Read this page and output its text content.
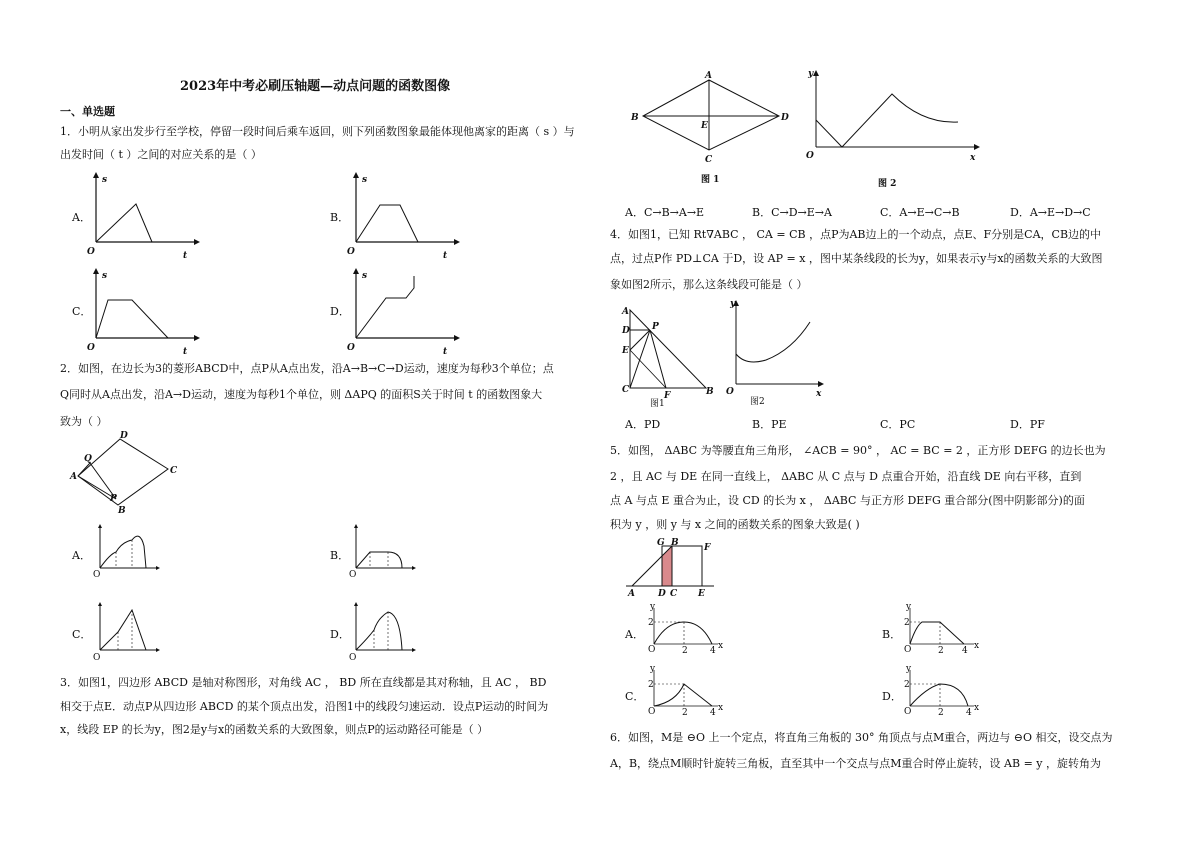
2023年中考必刷压轴题—动点问题的函数图像
一、单选题
1．小明从家出发步行至学校，停留一段时间后乘车返回，则下列函数图象最能体现他离家的距离（ s ）与
出发时间（ t ）之间的对应关系的是（ ）
A．
O
s
t
B．
O
s
t
C．
O
s
t
D．
O
s
t
2．如图，在边长为3的菱形ABCD中，点P从A点出发，沿A→B→C→D运动，速度为每秒3个单位；点
Q同时从A点出发，沿A→D运动，速度为每秒1个单位，则 ΔAPQ 的面积S关于时间 t 的函数图象大
致为（ ）
D
Q
A
C
P
B
A．
O
B．
O
C．
O
D．
O
3．如图1，四边形 ABCD 是轴对称图形，对角线 AC ， BD 所在直线都是其对称轴，且 AC ， BD
相交于点E．动点P从四边形 ABCD 的某个顶点出发，沿图1中的线段匀速运动．设点P运动的时间为
x，线段 EP 的长为y，图2是y与x的函数关系的大致图象，则点P的运动路径可能是（ ）
A
B
E
D
C
图 1
O
y
x
图 2
A．C→B→A→E	B．C→D→E→A	C．A→E→C→B	D．A→E→D→C
4．如图1，已知 Rt∇ABC ， CA = CB ，点P为AB边上的一个动点，点E、F分别是CA，CB边的中
点，过点P作 PD⊥CA 于D，设 AP = x ，图中某条线段的长为y，如果表示y与x的函数关系的大致图
象如图2所示，那么这条线段可能是（ ）
A
D P
E
C
F	B
图1
O
y
x
图2
A．PD	B．PE	C．PC	D．PF
5．如图， ΔABC 为等腰直角三角形， ∠ACB = 90° ， AC = BC = 2 ，正方形 DEFG 的边长也为
2 ，且 AC 与 DE 在同一直线上， ΔABC 从 C 点与 D 点重合开始，沿直线 DE 向右平移，直到
点 A 与点 E 重合为止，设 CD 的长为 x ， ΔABC 与正方形 DEFG 重合部分(图中阴影部分)的面
积为 y ，则 y 与 x 之间的函数关系的图象大致是( )
G B	F
A	D C E
A．
2
2 4 x
y
O
B．
2
2 4 x
y
O
C．
2
2 4 x
y
O
D．
2
2 4 x
y
O
6．如图，M是 ⊖O 上一个定点，将直角三角板的 30° 角顶点与点M重合，两边与 ⊖O 相交，设交点为
A，B，绕点M顺时针旋转三角板，直至其中一个交点与点M重合时停止旋转，设 AB = y ，旋转角为
